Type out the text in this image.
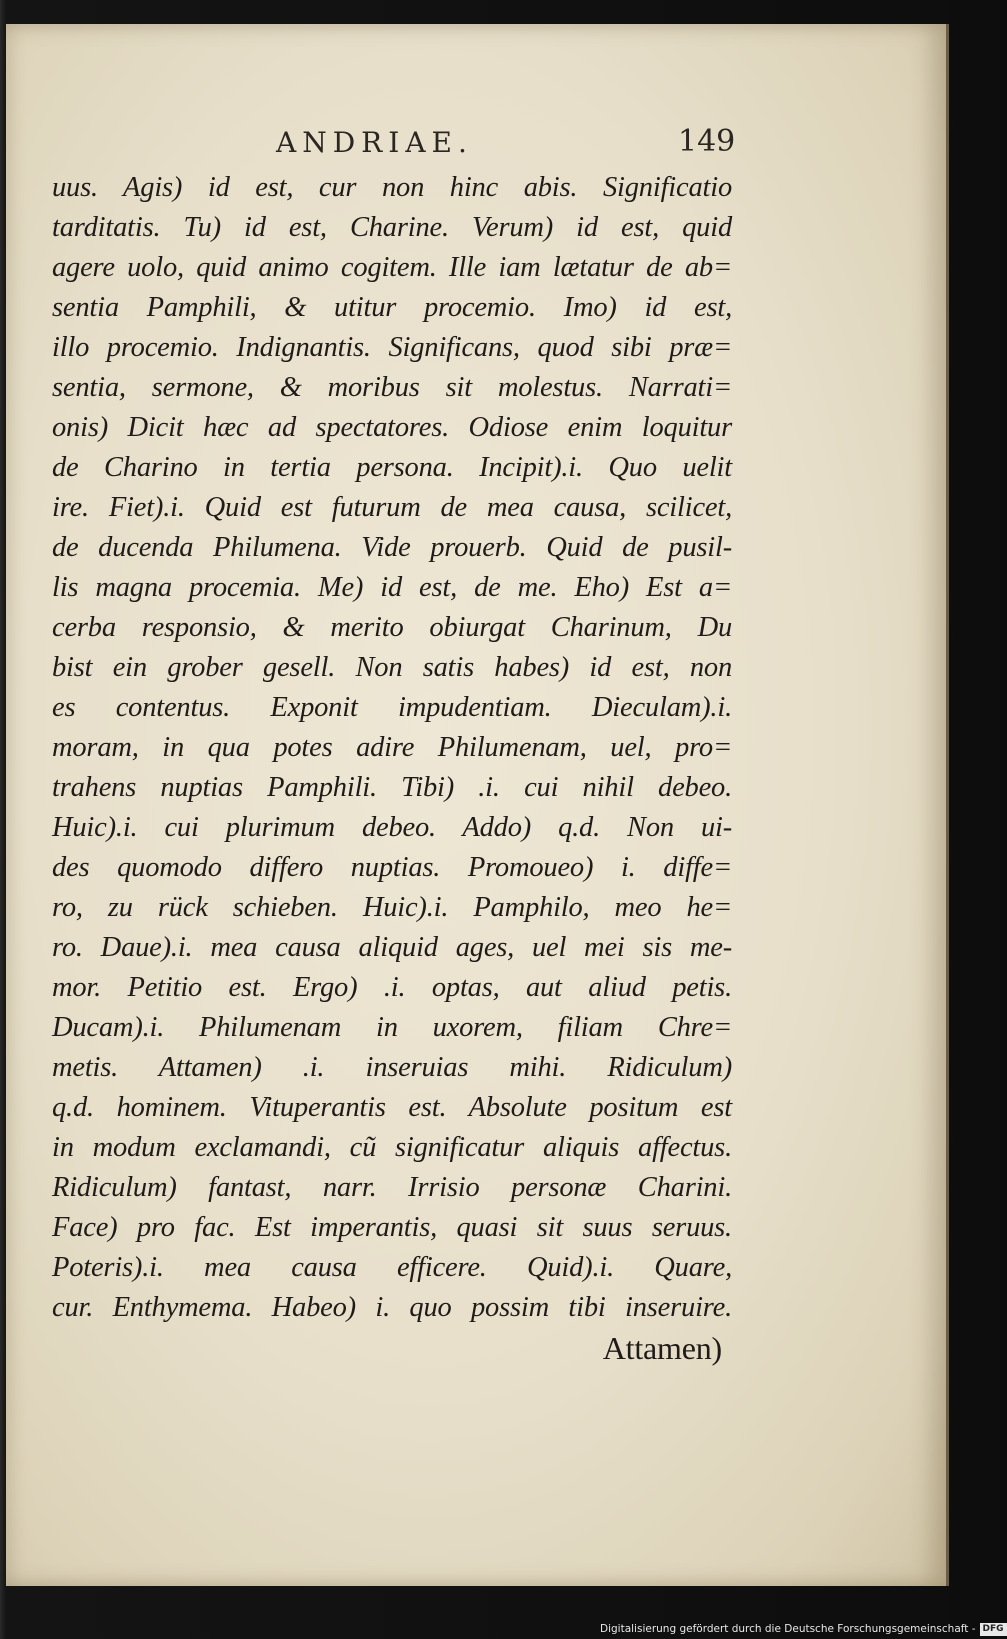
ANDRIAE.	149
uus. Agis) id est, cur non hinc abis. Significatio
tarditatis. Tu) id est, Charine. Verum) id est, quid
agere uolo, quid animo cogitem. Ille iam lætatur de ab=
sentia Pamphili, & utitur procemio. Imo) id est,
illo procemio. Indignantis. Significans, quod sibi præ=
sentia, sermone, & moribus sit molestus. Narrati=
onis) Dicit hæc ad spectatores. Odiose enim loquitur
de Charino in tertia persona. Incipit).i. Quo uelit
ire. Fiet).i. Quid est futurum de mea causa, scilicet,
de ducenda Philumena. Vide prouerb. Quid de pusil-
lis magna procemia. Me) id est, de me. Eho) Est a=
cerba responsio, & merito obiurgat Charinum, Du
bist ein grober gesell. Non satis habes) id est, non
es contentus. Exponit impudentiam. Dieculam).i.
moram, in qua potes adire Philumenam, uel, pro=
trahens nuptias Pamphili. Tibi) .i. cui nihil debeo.
Huic).i. cui plurimum debeo. Addo) q.d. Non ui-
des quomodo differo nuptias. Promoueo) i. diffe=
ro, zu rück schieben. Huic).i. Pamphilo, meo he=
ro. Daue).i. mea causa aliquid ages, uel mei sis me-
mor. Petitio est. Ergo) .i. optas, aut aliud petis.
Ducam).i. Philumenam in uxorem, filiam Chre=
metis. Attamen) .i. inseruias mihi. Ridiculum)
q.d. hominem. Vituperantis est. Absolute positum est
in modum exclamandi, cũ significatur aliquis affectus.
Ridiculum) fantast, narr. Irrisio personæ Charini.
Face) pro fac. Est imperantis, quasi sit suus seruus.
Poteris).i. mea causa efficere. Quid).i. Quare,
cur. Enthymema. Habeo) i. quo possim tibi inseruire.
Attamen)
Digitalisierung gefördert durch die Deutsche Forschungsgemeinschaft - DFG
